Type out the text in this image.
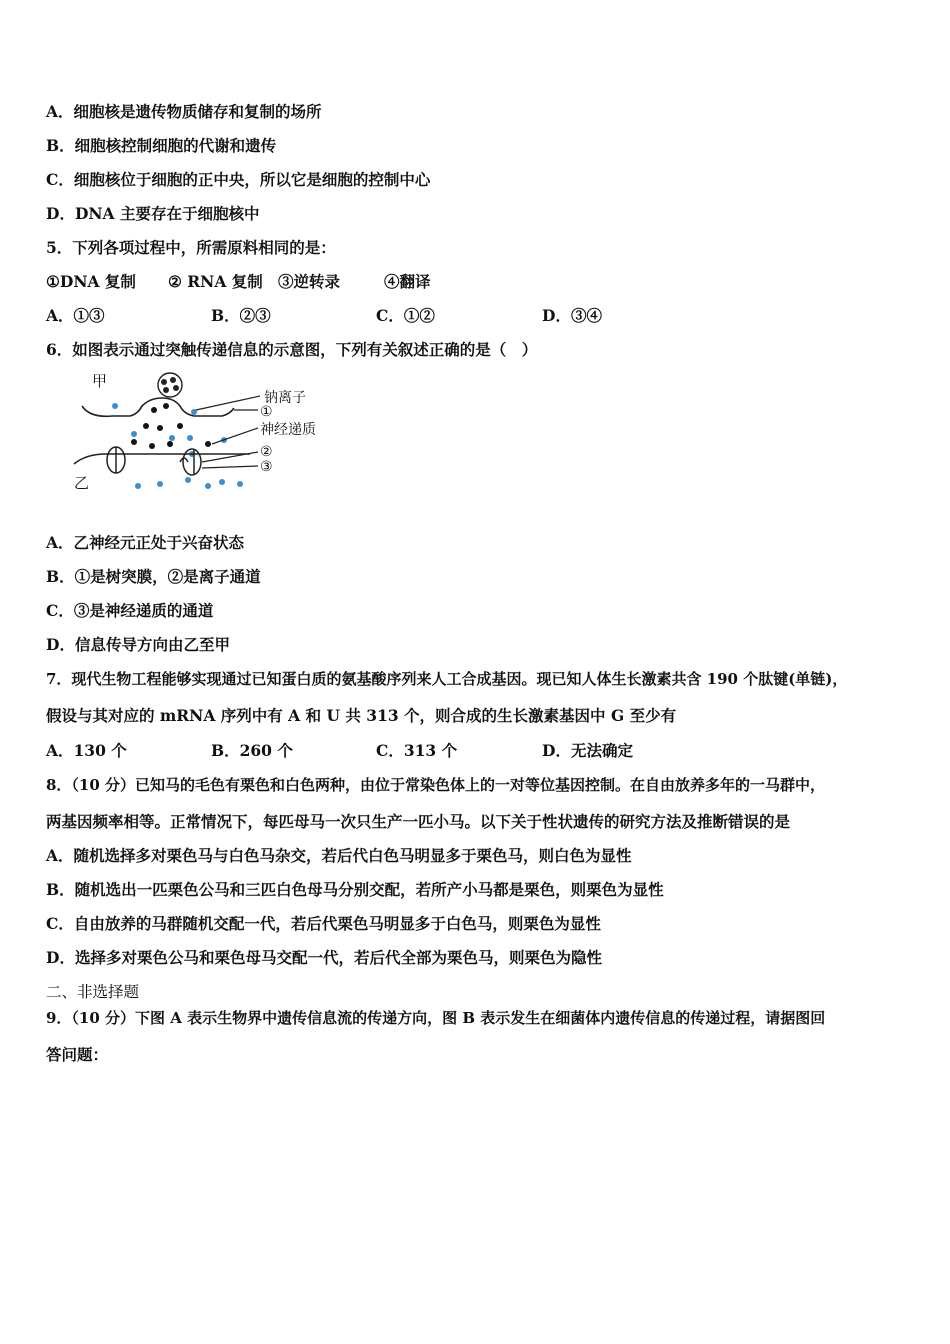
A．细胞核是遗传物质储存和复制的场所
B．细胞核控制细胞的代谢和遗传
C．细胞核位于细胞的正中央，所以它是细胞的控制中心
D．DNA 主要存在于细胞核中
5．下列各项过程中，所需原料相同的是：
①DNA 复制 ② RNA 复制 ③逆转录	④翻译
A．①③	B．②③	C．①②	D．③④
6．如图表示通过突触传递信息的示意图，下列有关叙述正确的是（　）
甲
乙
钠离子
①
神经递质
②
③
A．乙神经元正处于兴奋状态
B．①是树突膜，②是离子通道
C．③是神经递质的通道
D．信息传导方向由乙至甲
7．现代生物工程能够实现通过已知蛋白质的氨基酸序列来人工合成基因。现已知人体生长激素共含 190 个肽键(单链)，
假设与其对应的 mRNA 序列中有 A 和 U 共 313 个，则合成的生长激素基因中 G 至少有
A．130 个	B．260 个	C．313 个	D．无法确定
8．（10 分）已知马的毛色有栗色和白色两种，由位于常染色体上的一对等位基因控制。在自由放养多年的一马群中，
两基因频率相等。正常情况下，每匹母马一次只生产一匹小马。以下关于性状遗传的研究方法及推断错误的是
A．随机选择多对栗色马与白色马杂交，若后代白色马明显多于栗色马，则白色为显性
B．随机选出一匹栗色公马和三匹白色母马分别交配，若所产小马都是栗色，则栗色为显性
C．自由放养的马群随机交配一代，若后代栗色马明显多于白色马，则栗色为显性
D．选择多对栗色公马和栗色母马交配一代，若后代全部为栗色马，则栗色为隐性
二、非选择题
9．（10 分）下图 A 表示生物界中遗传信息流的传递方向，图 B 表示发生在细菌体内遗传信息的传递过程，请据图回
答问题：
